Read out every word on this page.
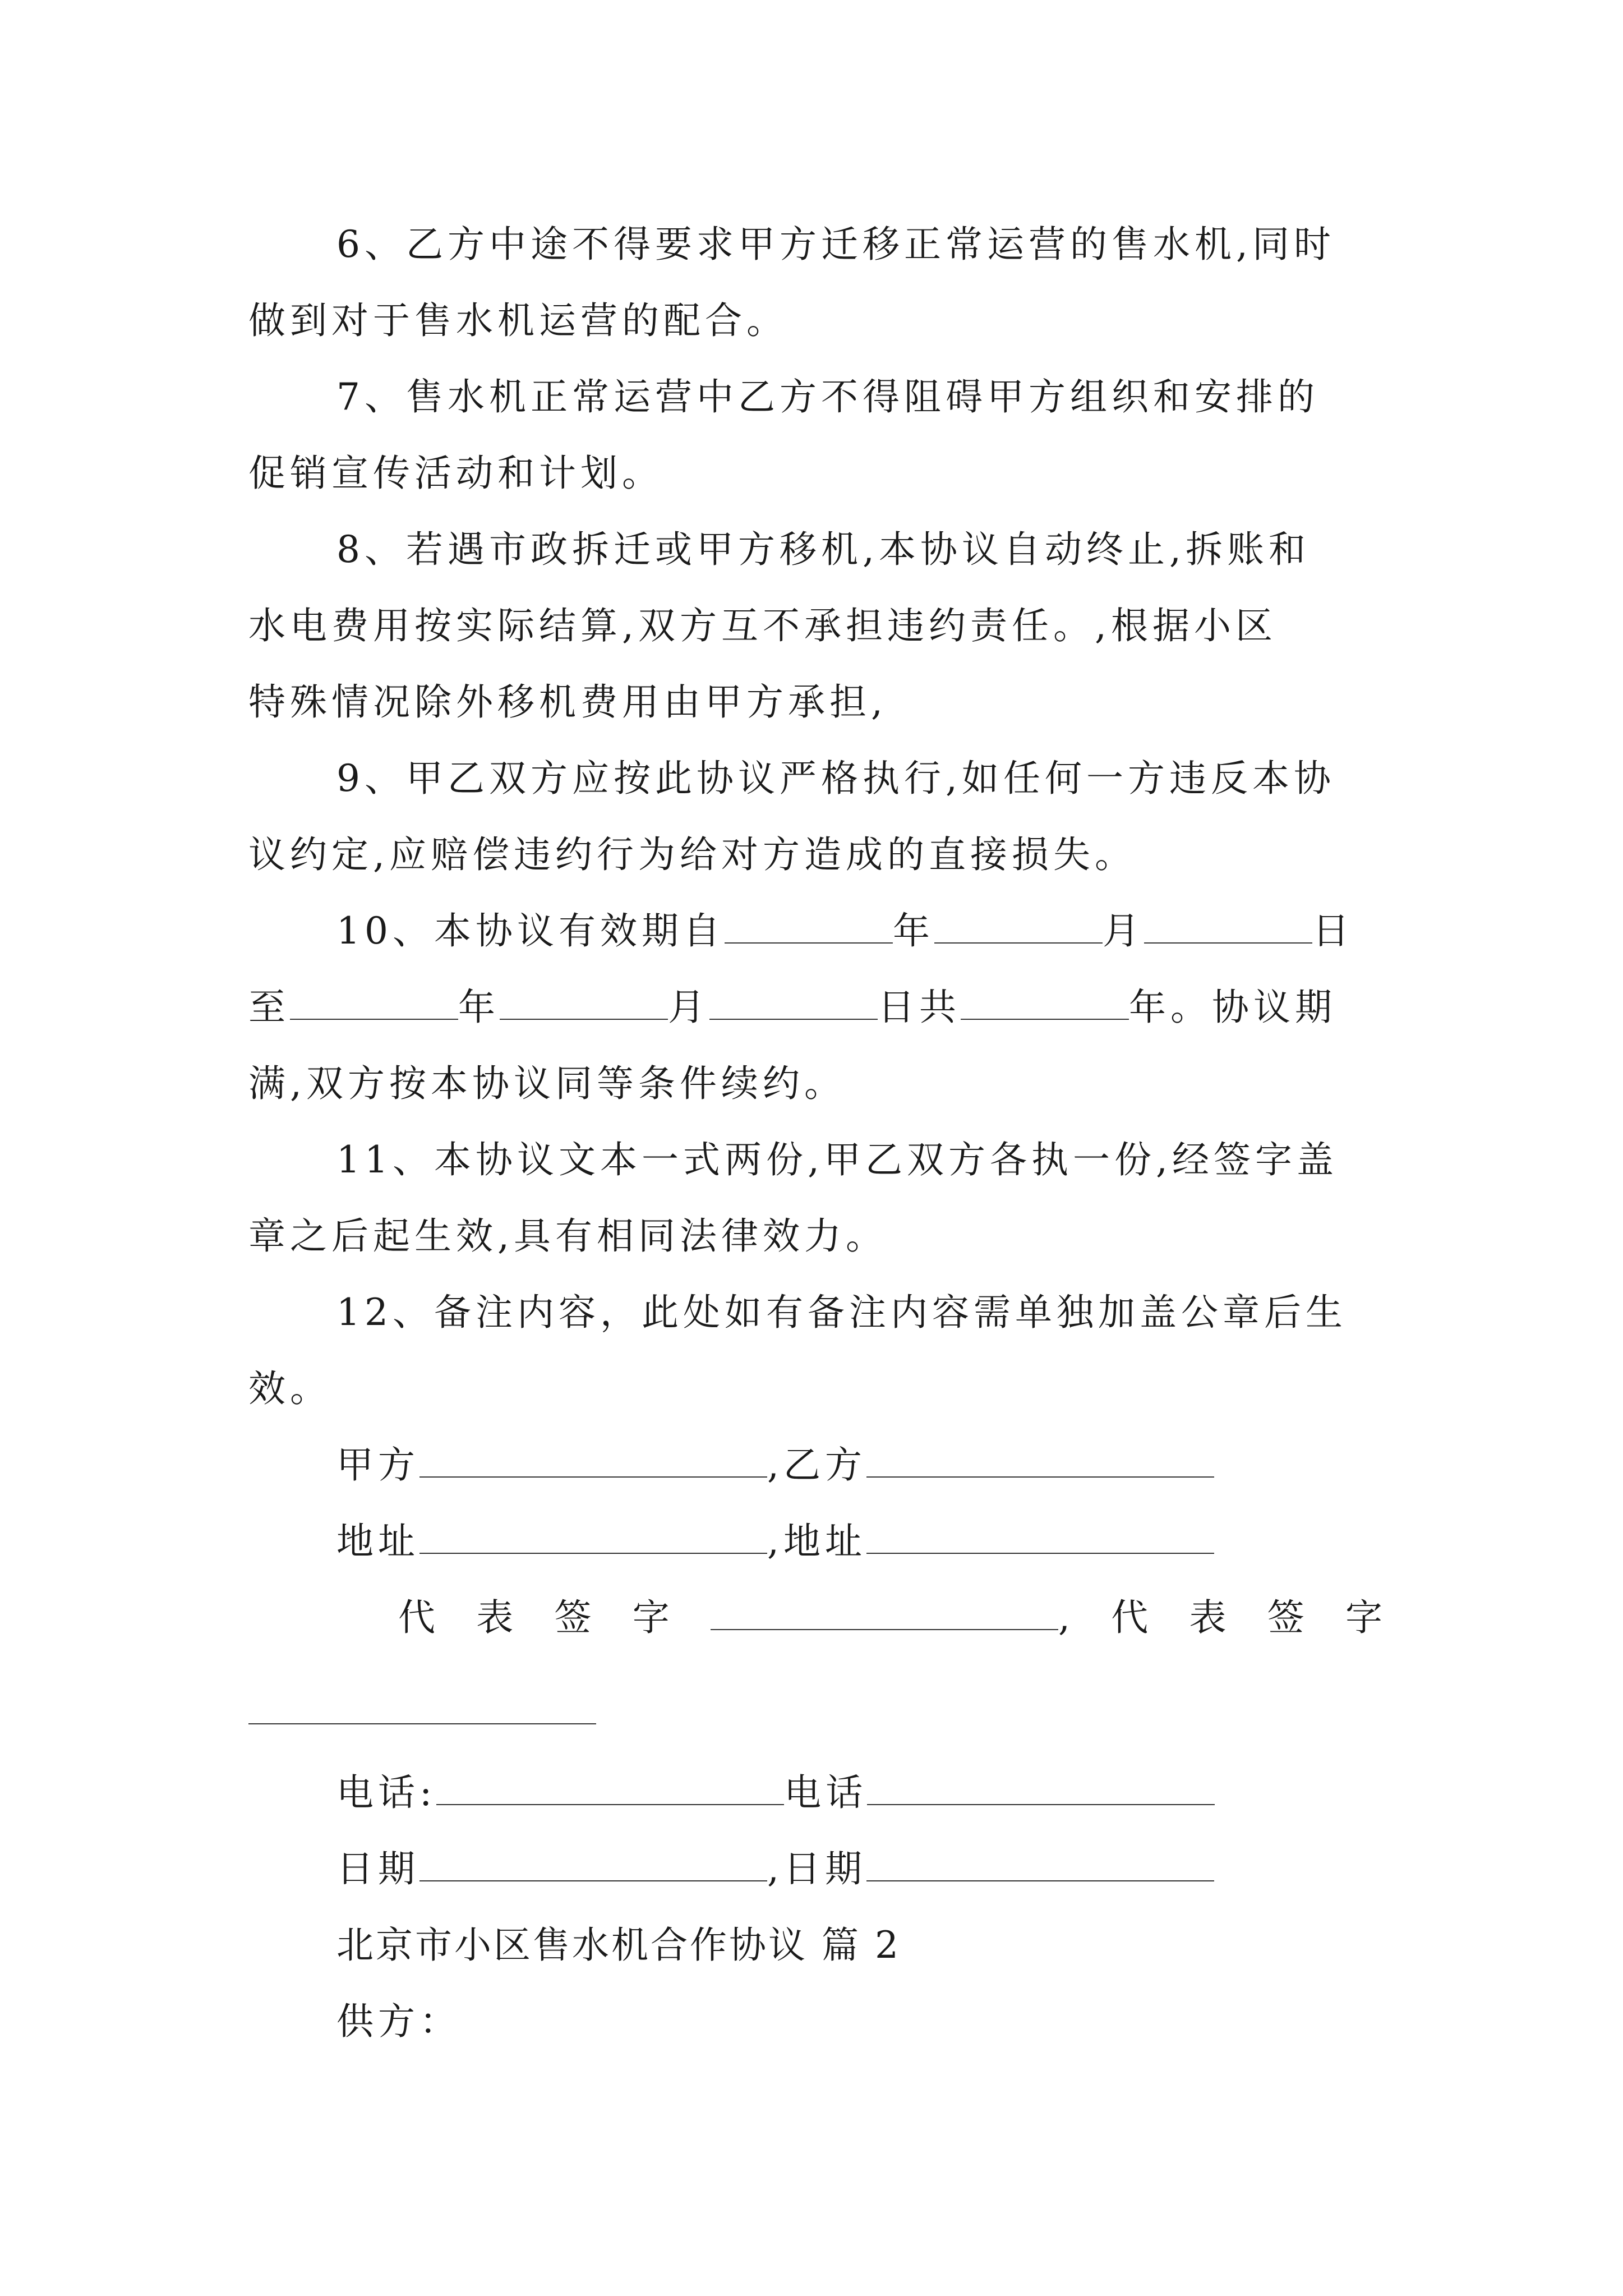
6、乙方中途不得要求甲方迁移正常运营的售水机,同时
做到对于售水机运营的配合。
7、售水机正常运营中乙方不得阻碍甲方组织和安排的
促销宣传活动和计划。
8、若遇市政拆迁或甲方移机,本协议自动终止,拆账和
水电费用按实际结算,双方互不承担违约责任。,根据小区
特殊情况除外移机费用由甲方承担,
9、甲乙双方应按此协议严格执行,如任何一方违反本协
议约定,应赔偿违约行为给对方造成的直接损失。
10、本协议有效期自	年	月	日
至	年	月	日共	年。协议期
满,双方按本协议同等条件续约。
11、本协议文本一式两份,甲乙双方各执一份,经签字盖
章之后起生效,具有相同法律效力。
12、备注内容，此处如有备注内容需单独加盖公章后生
效。
甲方	,乙方
地址	,地址
代 表 签 字	, 代 表 签 字
电话:	电话
日期	,日期
北京市小区售水机合作协议 篇 2
供方：
